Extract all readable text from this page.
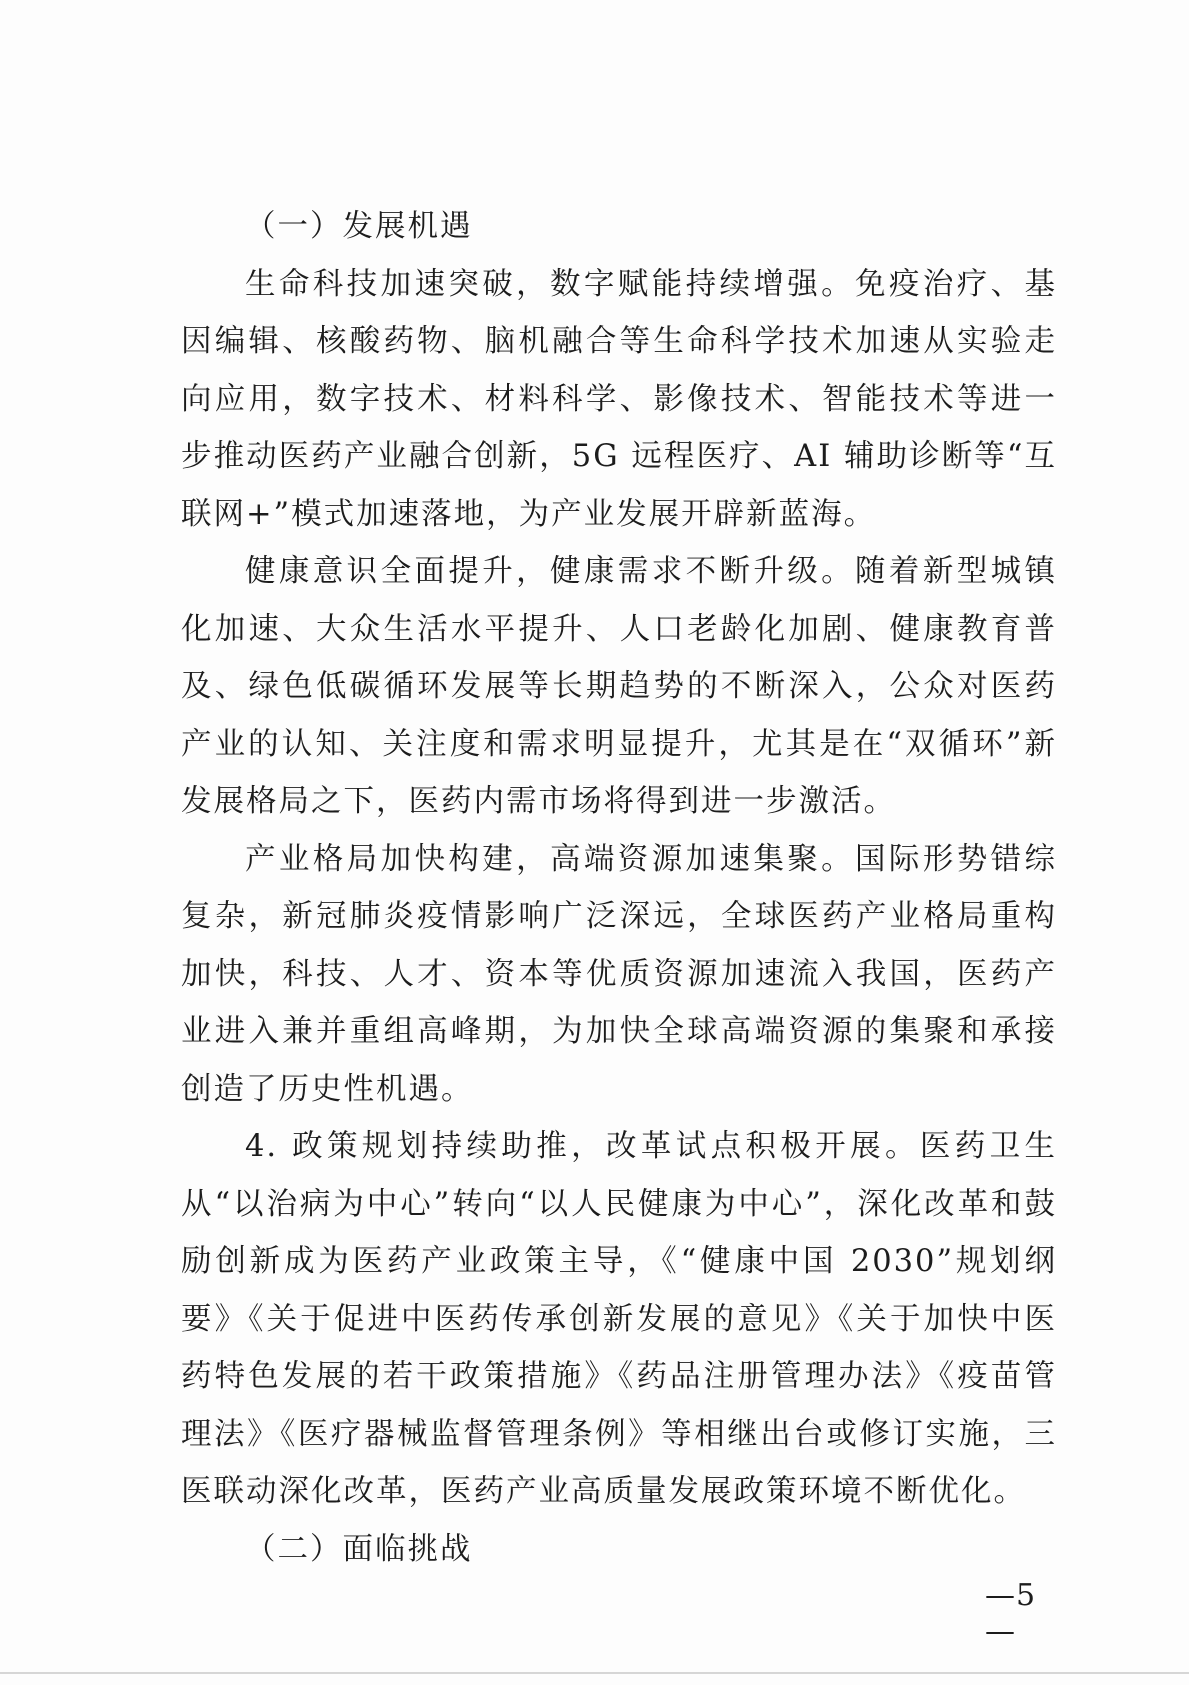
（一）发展机遇

生命科技加速突破，数字赋能持续增强。免疫治疗、基因编辑、核酸药物、脑机融合等生命科学技术加速从实验走向应用，数字技术、材料科学、影像技术、智能技术等进一步推动医药产业融合创新，5G 远程医疗、AI 辅助诊断等“互联网+”模式加速落地，为产业发展开辟新蓝海。

健康意识全面提升，健康需求不断升级。随着新型城镇化加速、大众生活水平提升、人口老龄化加剧、健康教育普及、绿色低碳循环发展等长期趋势的不断深入，公众对医药产业的认知、关注度和需求明显提升，尤其是在“双循环”新发展格局之下，医药内需市场将得到进一步激活。

产业格局加快构建，高端资源加速集聚。国际形势错综复杂，新冠肺炎疫情影响广泛深远，全球医药产业格局重构加快，科技、人才、资本等优质资源加速流入我国，医药产业进入兼并重组高峰期，为加快全球高端资源的集聚和承接创造了历史性机遇。

4. 政策规划持续助推，改革试点积极开展。医药卫生从“以治病为中心”转向“以人民健康为中心”，深化改革和鼓励创新成为医药产业政策主导，《“健康中国 2030”规划纲要》《关于促进中医药传承创新发展的意见》《关于加快中医药特色发展的若干政策措施》《药品注册管理办法》《疫苗管理法》《医疗器械监督管理条例》等相继出台或修订实施，三医联动深化改革，医药产业高质量发展政策环境不断优化。

（二）面临挑战

—5—
